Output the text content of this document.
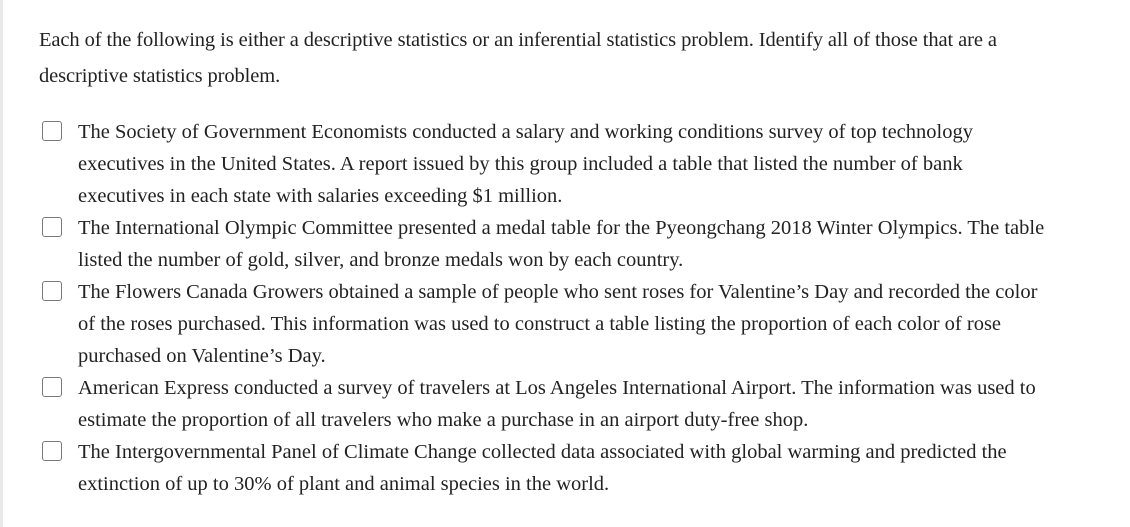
Each of the following is either a descriptive statistics or an inferential statistics problem. Identify all of those that are a
descriptive statistics problem.
The Society of Government Economists conducted a salary and working conditions survey of top technology
executives in the United States. A report issued by this group included a table that listed the number of bank
executives in each state with salaries exceeding $1 million.
The International Olympic Committee presented a medal table for the Pyeongchang 2018 Winter Olympics. The table
listed the number of gold, silver, and bronze medals won by each country.
The Flowers Canada Growers obtained a sample of people who sent roses for Valentine’s Day and recorded the color
of the roses purchased. This information was used to construct a table listing the proportion of each color of rose
purchased on Valentine’s Day.
American Express conducted a survey of travelers at Los Angeles International Airport. The information was used to
estimate the proportion of all travelers who make a purchase in an airport duty-free shop.
The Intergovernmental Panel of Climate Change collected data associated with global warming and predicted the
extinction of up to 30% of plant and animal species in the world.
